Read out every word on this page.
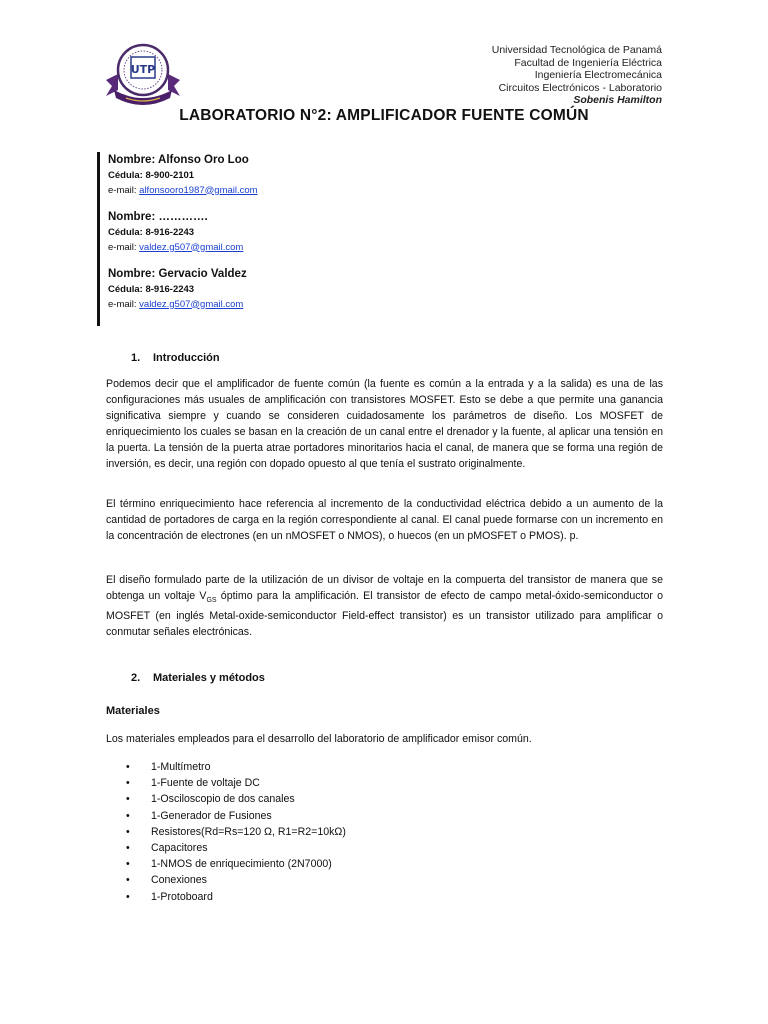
UTP
Universidad Tecnológica de Panamá
Facultad de Ingeniería Eléctrica
Ingeniería Electromecánica
Circuitos Electrónicos - Laboratorio
Sobenis Hamilton
LABORATORIO N°2: AMPLIFICADOR FUENTE COMÚN
Nombre: Alfonso Oro Loo
Cédula: 8-900-2101
e-mail: alfonsooro1987@gmail.com
Nombre: ………….
Cédula: 8-916-2243
e-mail: valdez.g507@gmail.com
Nombre: Gervacio Valdez
Cédula: 8-916-2243
e-mail: valdez.g507@gmail.com
1. Introducción
Podemos decir que el amplificador de fuente común (la fuente es común a la entrada y a la salida) es una de las configuraciones más usuales de amplificación con transistores MOSFET. Esto se debe a que permite una ganancia significativa siempre y cuando se consideren cuidadosamente los parámetros de diseño. Los MOSFET de enriquecimiento los cuales se basan en la creación de un canal entre el drenador y la fuente, al aplicar una tensión en la puerta. La tensión de la puerta atrae portadores minoritarios hacia el canal, de manera que se forma una región de inversión, es decir, una región con dopado opuesto al que tenía el sustrato originalmente.
El término enriquecimiento hace referencia al incremento de la conductividad eléctrica debido a un aumento de la cantidad de portadores de carga en la región correspondiente al canal. El canal puede formarse con un incremento en la concentración de electrones (en un nMOSFET o NMOS), o huecos (en un pMOSFET o PMOS). p.
El diseño formulado parte de la utilización de un divisor de voltaje en la compuerta del transistor de manera que se obtenga un voltaje $V_{GS}$ óptimo para la amplificación. El transistor de efecto de campo metal-óxido-semiconductor o MOSFET (en inglés Metal-oxide-semiconductor Field-effect transistor) es un transistor utilizado para amplificar o conmutar señales electrónicas.
2. Materiales y métodos
Materiales
Los materiales empleados para el desarrollo del laboratorio de amplificador emisor común.
• 1-Multímetro
• 1-Fuente de voltaje DC
• 1-Osciloscopio de dos canales
• 1-Generador de Fusiones
• Resistores(Rd=Rs=120 Ω, R1=R2=10kΩ)
• Capacitores
• 1-NMOS de enriquecimiento (2N7000)
• Conexiones
• 1-Protoboard
